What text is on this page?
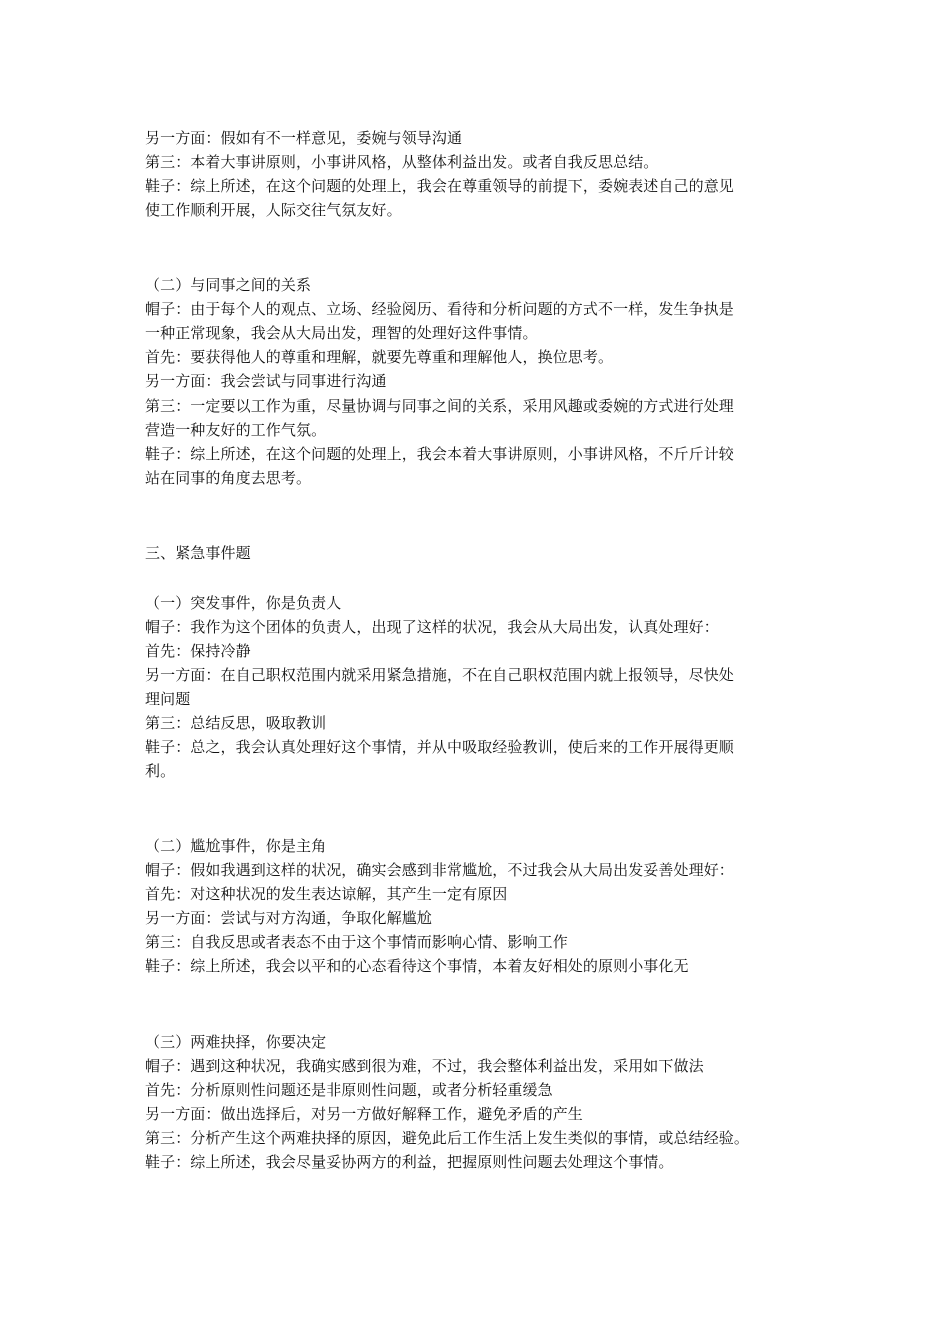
另一方面：假如有不一样意见，委婉与领导沟通
第三：本着大事讲原则，小事讲风格，从整体利益出发。或者自我反思总结。
鞋子：综上所述，在这个问题的处理上，我会在尊重领导的前提下，委婉表述自己的意见
使工作顺利开展，人际交往气氛友好。
（二）与同事之间的关系
帽子：由于每个人的观点、立场、经验阅历、看待和分析问题的方式不一样，发生争执是
一种正常现象，我会从大局出发，理智的处理好这件事情。
首先：要获得他人的尊重和理解，就要先尊重和理解他人，换位思考。
另一方面：我会尝试与同事进行沟通
第三：一定要以工作为重，尽量协调与同事之间的关系，采用风趣或委婉的方式进行处理
营造一种友好的工作气氛。
鞋子：综上所述，在这个问题的处理上，我会本着大事讲原则，小事讲风格，不斤斤计较
站在同事的角度去思考。
三、紧急事件题
（一）突发事件，你是负责人
帽子：我作为这个团体的负责人，出现了这样的状况，我会从大局出发，认真处理好：
首先：保持冷静
另一方面：在自己职权范围内就采用紧急措施，不在自己职权范围内就上报领导，尽快处
理问题
第三：总结反思，吸取教训
鞋子：总之，我会认真处理好这个事情，并从中吸取经验教训，使后来的工作开展得更顺
利。
（二）尴尬事件，你是主角
帽子：假如我遇到这样的状况，确实会感到非常尴尬，不过我会从大局出发妥善处理好：
首先：对这种状况的发生表达谅解，其产生一定有原因
另一方面：尝试与对方沟通，争取化解尴尬
第三：自我反思或者表态不由于这个事情而影响心情、影响工作
鞋子：综上所述，我会以平和的心态看待这个事情，本着友好相处的原则小事化无
（三）两难抉择，你要决定
帽子：遇到这种状况，我确实感到很为难，不过，我会整体利益出发，采用如下做法
首先：分析原则性问题还是非原则性问题，或者分析轻重缓急
另一方面：做出选择后，对另一方做好解释工作，避免矛盾的产生
第三：分析产生这个两难抉择的原因，避免此后工作生活上发生类似的事情，或总结经验。
鞋子：综上所述，我会尽量妥协两方的利益，把握原则性问题去处理这个事情。
